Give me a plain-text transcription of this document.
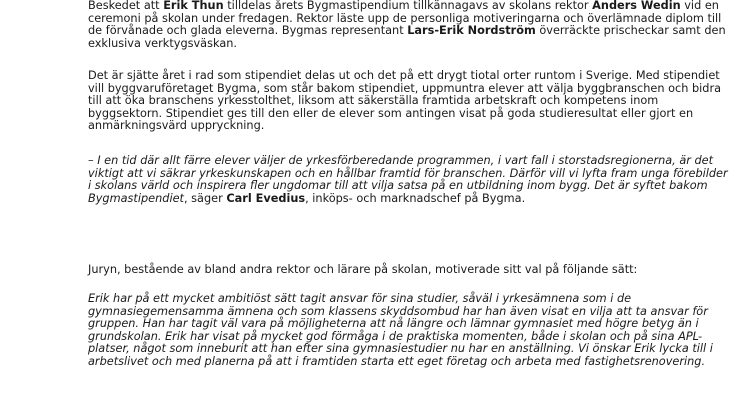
Beskedet att Erik Thun tilldelas årets Bygmastipendium tillkännagavs av skolans rektor Anders Wedin vid en ceremoni på skolan under fredagen. Rektor läste upp de personliga motiveringarna och överlämnade diplom till de förvånade och glada eleverna. Bygmas representant Lars-Erik Nordström överräckte prischeckar samt den exklusiva verktygsväskan.

Det är sjätte året i rad som stipendiet delas ut och det på ett drygt tiotal orter runtom i Sverige. Med stipendiet vill byggvaruföretaget Bygma, som står bakom stipendiet, uppmuntra elever att välja byggbranschen och bidra till att öka branschens yrkesstolthet, liksom att säkerställa framtida arbetskraft och kompetens inom byggsektorn. Stipendiet ges till den eller de elever som antingen visat på goda studieresultat eller gjort en anmärkningsvärd uppryckning.

– I en tid där allt färre elever väljer de yrkesförberedande programmen, i vart fall i storstadsregionerna, är det viktigt att vi säkrar yrkeskunskapen och en hållbar framtid för branschen. Därför vill vi lyfta fram unga förebilder i skolans värld och inspirera fler ungdomar till att vilja satsa på en utbildning inom bygg. Det är syftet bakom Bygmastipendiet, säger Carl Evedius, inköps- och marknadschef på Bygma.

Juryn, bestående av bland andra rektor och lärare på skolan, motiverade sitt val på följande sätt:

Erik har på ett mycket ambitiöst sätt tagit ansvar för sina studier, såväl i yrkesämnena som i de gymnasiegemensamma ämnena och som klassens skyddsombud har han även visat en vilja att ta ansvar för gruppen. Han har tagit väl vara på möjligheterna att nå längre och lämnar gymnasiet med högre betyg än i grundskolan. Erik har visat på mycket god förmåga i de praktiska momenten, både i skolan och på sina APL-platser, något som inneburit att han efter sina gymnasiestudier nu har en anställning. Vi önskar Erik lycka till i arbetslivet och med planerna på att i framtiden starta ett eget företag och arbeta med fastighetsrenovering.
